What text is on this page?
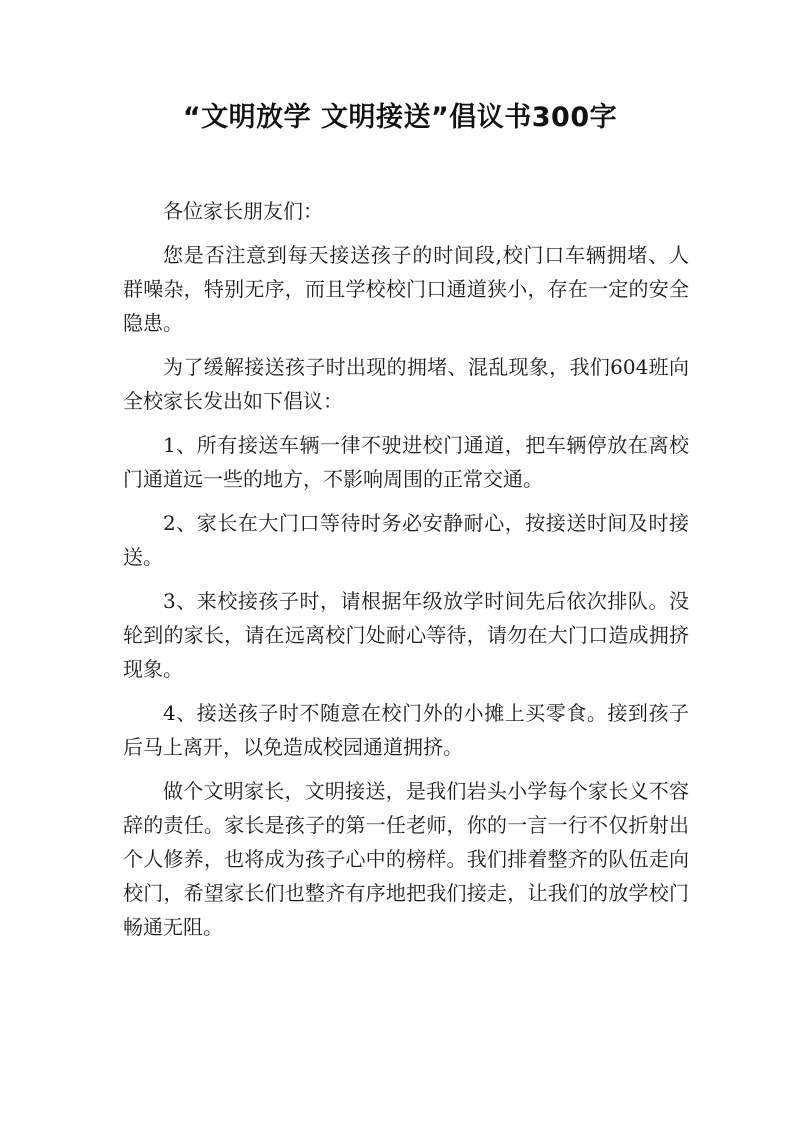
“文明放学 文明接送”倡议书300字

各位家长朋友们：

您是否注意到每天接送孩子的时间段,校门口车辆拥堵、人群噪杂，特别无序，而且学校校门口通道狭小，存在一定的安全隐患。

为了缓解接送孩子时出现的拥堵、混乱现象，我们604班向全校家长发出如下倡议：

1、所有接送车辆一律不驶进校门通道，把车辆停放在离校门通道远一些的地方，不影响周围的正常交通。

2、家长在大门口等待时务必安静耐心，按接送时间及时接送。

3、来校接孩子时，请根据年级放学时间先后依次排队。没轮到的家长，请在远离校门处耐心等待，请勿在大门口造成拥挤现象。

4、接送孩子时不随意在校门外的小摊上买零食。接到孩子后马上离开，以免造成校园通道拥挤。

做个文明家长，文明接送，是我们岩头小学每个家长义不容辞的责任。家长是孩子的第一任老师，你的一言一行不仅折射出个人修养，也将成为孩子心中的榜样。我们排着整齐的队伍走向校门，希望家长们也整齐有序地把我们接走，让我们的放学校门畅通无阻。
